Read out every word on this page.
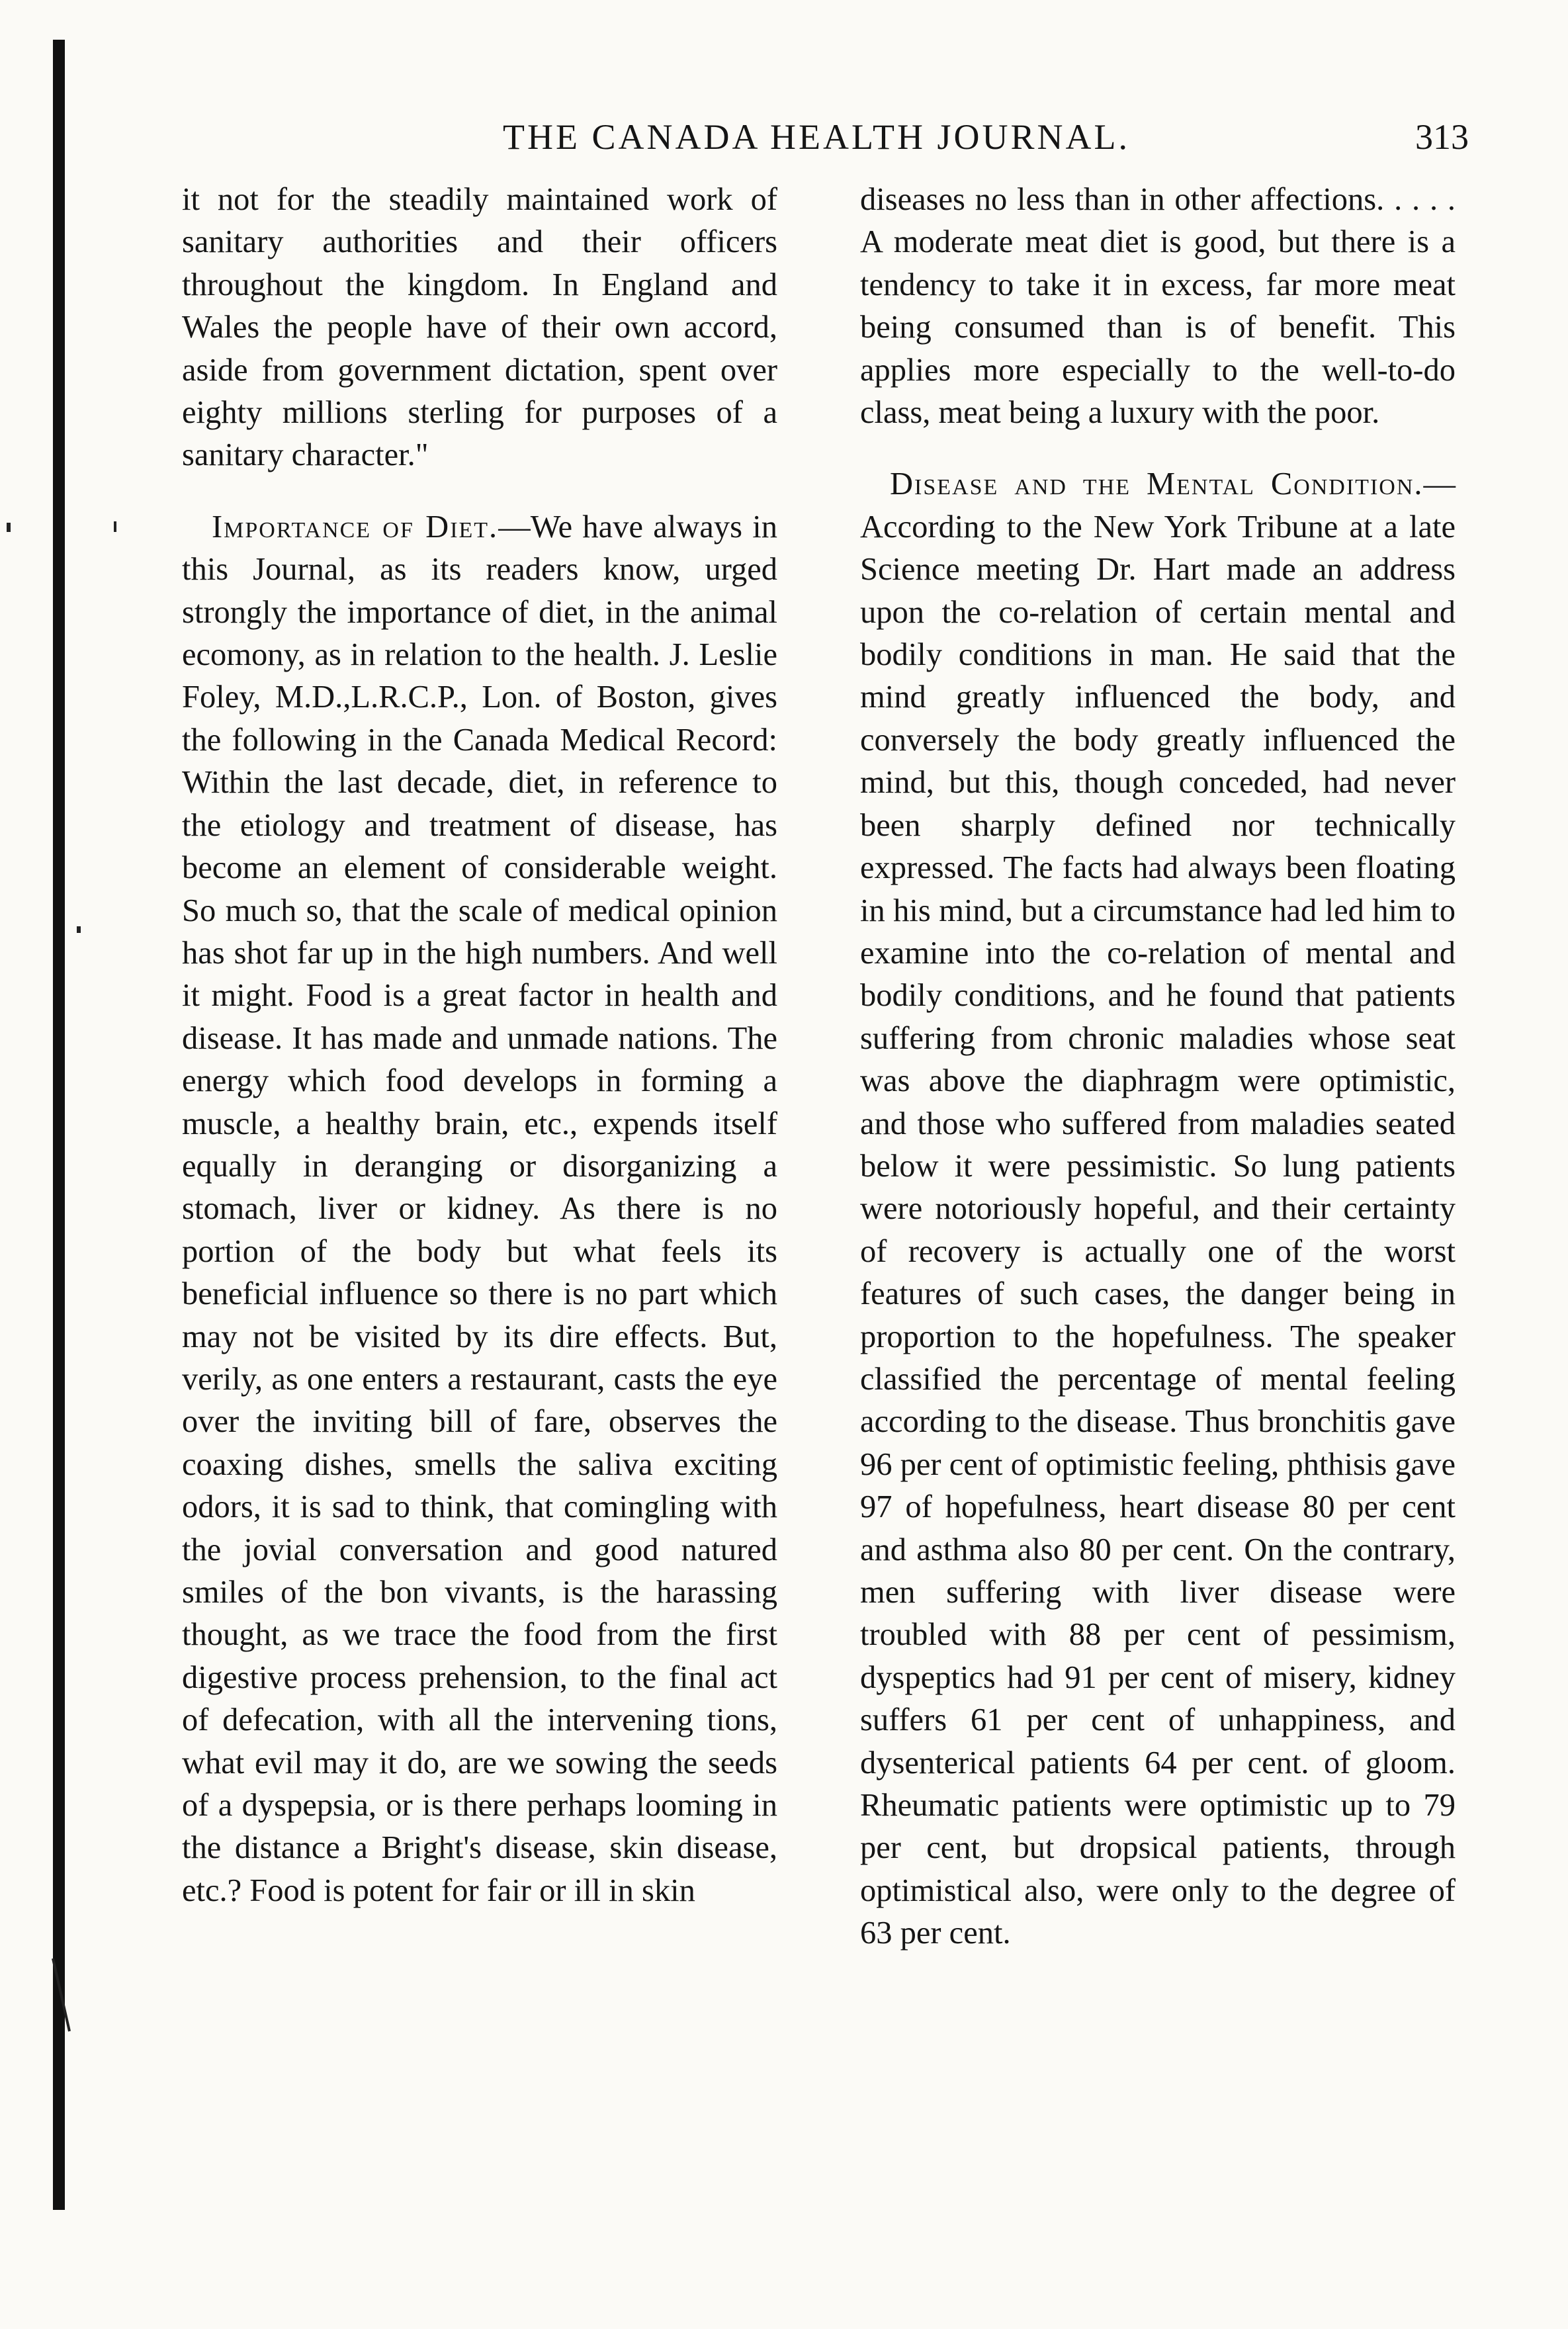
THE CANADA HEALTH JOURNAL.	313

it not for the steadily maintained work of sanitary authorities and their officers throughout the kingdom. In England and Wales the people have of their own accord, aside from government dictation, spent over eighty millions sterling for purposes of a sanitary character."

Importance of Diet.—We have always in this Journal, as its readers know, urged strongly the importance of diet, in the animal ecomony, as in relation to the health. J. Leslie Foley, M.D.,L.R.C.P., Lon. of Boston, gives the following in the Canada Medical Record: Within the last decade, diet, in reference to the etiology and treatment of disease, has become an element of considerable weight. So much so, that the scale of medical opinion has shot far up in the high numbers. And well it might. Food is a great factor in health and disease. It has made and unmade nations. The energy which food develops in forming a muscle, a healthy brain, etc., expends itself equally in deranging or disorganizing a stomach, liver or kidney. As there is no portion of the body but what feels its beneficial influence so there is no part which may not be visited by its dire effects. But, verily, as one enters a restaurant, casts the eye over the inviting bill of fare, observes the coaxing dishes, smells the saliva exciting odors, it is sad to think, that comingling with the jovial conversation and good natured smiles of the bon vivants, is the harassing thought, as we trace the food from the first digestive process prehension, to the final act of defecation, with all the intervening tions, what evil may it do, are we sowing the seeds of a dyspepsia, or is there perhaps looming in the distance a Bright's disease, skin disease, etc.? Food is potent for fair or ill in skin

diseases no less than in other affections. . . . . A moderate meat diet is good, but there is a tendency to take it in excess, far more meat being consumed than is of benefit. This applies more especially to the well-to-do class, meat being a luxury with the poor.

Disease and the Mental Condition.—According to the New York Tribune at a late Science meeting Dr. Hart made an address upon the co-relation of certain mental and bodily conditions in man. He said that the mind greatly influenced the body, and conversely the body greatly influenced the mind, but this, though conceded, had never been sharply defined nor technically expressed. The facts had always been floating in his mind, but a circumstance had led him to examine into the co-relation of mental and bodily conditions, and he found that patients suffering from chronic maladies whose seat was above the diaphragm were optimistic, and those who suffered from maladies seated below it were pessimistic. So lung patients were notoriously hopeful, and their certainty of recovery is actually one of the worst features of such cases, the danger being in proportion to the hopefulness. The speaker classified the percentage of mental feeling according to the disease. Thus bronchitis gave 96 per cent of optimistic feeling, phthisis gave 97 of hopefulness, heart disease 80 per cent and asthma also 80 per cent. On the contrary, men suffering with liver disease were troubled with 88 per cent of pessimism, dyspeptics had 91 per cent of misery, kidney suffers 61 per cent of unhappiness, and dysenterical patients 64 per cent. of gloom. Rheumatic patients were optimistic up to 79 per cent, but dropsical patients, through optimistical also, were only to the degree of 63 per cent.
